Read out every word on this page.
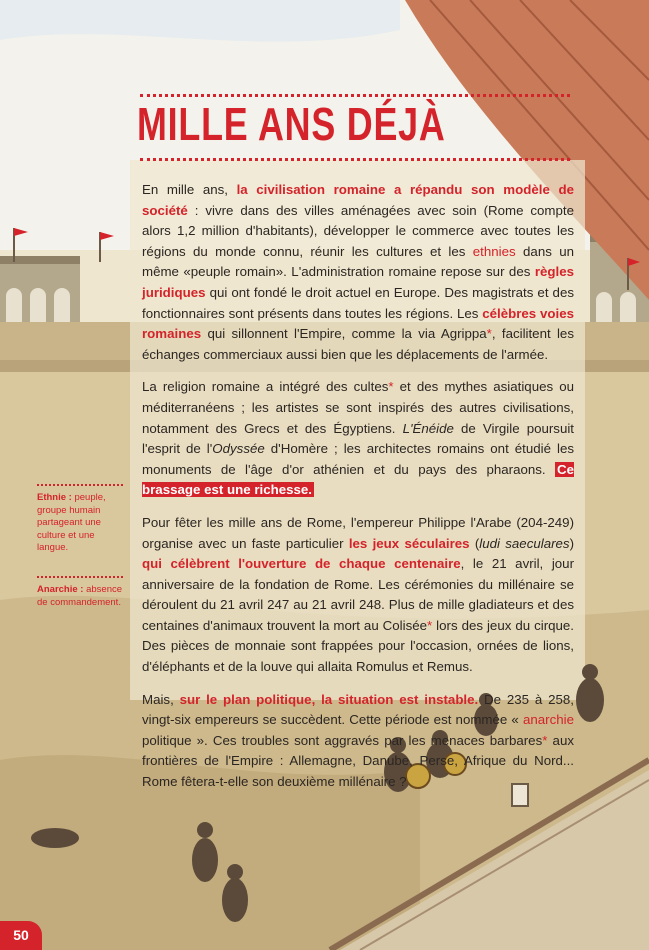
MILLE ANS DÉJÀ

En mille ans, la civilisation romaine a répandu son modèle de société : vivre dans des villes aménagées avec soin (Rome compte alors 1,2 million d'habitants), développer le commerce avec toutes les régions du monde connu, réunir les cultures et les ethnies dans un même «peuple romain». L'administration romaine repose sur des règles juridiques qui ont fondé le droit actuel en Europe. Des magistrats et des fonctionnaires sont présents dans toutes les régions. Les célèbres voies romaines qui sillonnent l'Empire, comme la via Agrippa*, facilitent les échanges commerciaux aussi bien que les déplacements de l'armée.

La religion romaine a intégré des cultes* et des mythes asiatiques ou méditerranéens ; les artistes se sont inspirés des autres civilisations, notamment des Grecs et des Égyptiens. L'Énéide de Virgile poursuit l'esprit de l'Odyssée d'Homère ; les architectes romains ont étudié les monuments de l'âge d'or athénien et du pays des pharaons. Ce brassage est une richesse.

Pour fêter les mille ans de Rome, l'empereur Philippe l'Arabe (204-249) organise avec un faste particulier les jeux séculaires (ludi saeculares) qui célèbrent l'ouverture de chaque centenaire, le 21 avril, jour anniversaire de la fondation de Rome. Les cérémonies du millénaire se déroulent du 21 avril 247 au 21 avril 248. Plus de mille gladiateurs et des centaines d'animaux trouvent la mort au Colisée* lors des jeux du cirque. Des pièces de monnaie sont frappées pour l'occasion, ornées de lions, d'éléphants et de la louve qui allaita Romulus et Remus.

Mais, sur le plan politique, la situation est instable. De 235 à 258, vingt-six empereurs se succèdent. Cette période est nommée « anarchie politique ». Ces troubles sont aggravés par les menaces barbares* aux frontières de l'Empire : Allemagne, Danube, Perse, Afrique du Nord... Rome fêtera-t-elle son deuxième millénaire ?

Ethnie : peuple, groupe humain partageant une culture et une langue.
Anarchie : absence de commandement.
50
